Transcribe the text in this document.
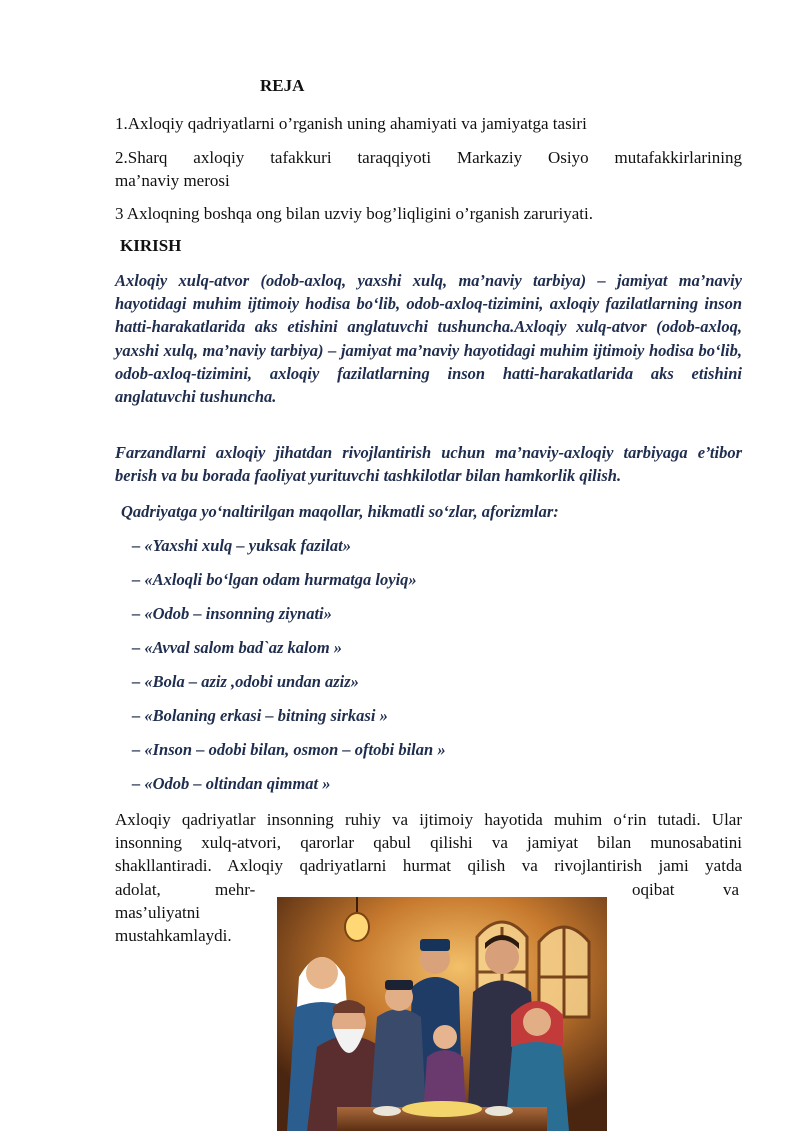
REJA
1.Axloqiy qadriyatlarni o’rganish uning ahamiyati va jamiyatga tasiri
2.Sharq axloqiy tafakkuri taraqqiyoti Markaziy Osiyo mutafakkirlarining
ma’naviy merosi
3 Axloqning boshqa ong bilan uzviy bog’liqligini o’rganish zaruriyati.
KIRISH
Axloqiy xulq-atvor (odob-axloq, yaxshi xulq, ma’naviy tarbiya) – jamiyat ma’naviy hayotidagi muhim ijtimoiy hodisa bo‘lib, odob-axloq-tizimini, axloqiy fazilatlarning inson hatti-harakatlarida aks etishini anglatuvchi tushuncha.Axloqiy xulq-atvor (odob-axloq, yaxshi xulq, ma’naviy tarbiya) – jamiyat ma’naviy hayotidagi muhim ijtimoiy hodisa bo‘lib, odob-axloq-tizimini, axloqiy fazilatlarning inson hatti-harakatlarida aks etishini anglatuvchi tushuncha.
Farzandlarni axloqiy jihatdan rivojlantirish uchun ma’naviy-axloqiy tarbiyaga e’tibor berish va bu borada faoliyat yurituvchi tashkilotlar bilan hamkorlik qilish.
Qadriyatga yo‘naltirilgan maqollar, hikmatli so‘zlar, aforizmlar:
– «Yaxshi xulq – yuksak fazilat»
– «Axloqli bo‘lgan odam hurmatga loyiq»
– «Odob – insonning ziynati»
– «Avval salom bad`az kalom »
– «Bola – aziz ,odobi undan aziz»
– «Bolaning erkasi – bitning sirkasi »
– «Inson – odobi bilan, osmon – oftobi bilan »
– «Odob – oltindan qimmat »
Axloqiy qadriyatlar insonning ruhiy va ijtimoiy hayotida muhim o‘rin tutadi. Ular
insonning xulq-atvori, qarorlar qabul qilishi va jamiyat bilan munosabatini
shakllantiradi. Axloqiy qadriyatlarni hurmat qilish va rivojlantirish jami yatda
adolat,	mehr-	oqibat	va
mas’uliyatni
mustahkamlaydi.
